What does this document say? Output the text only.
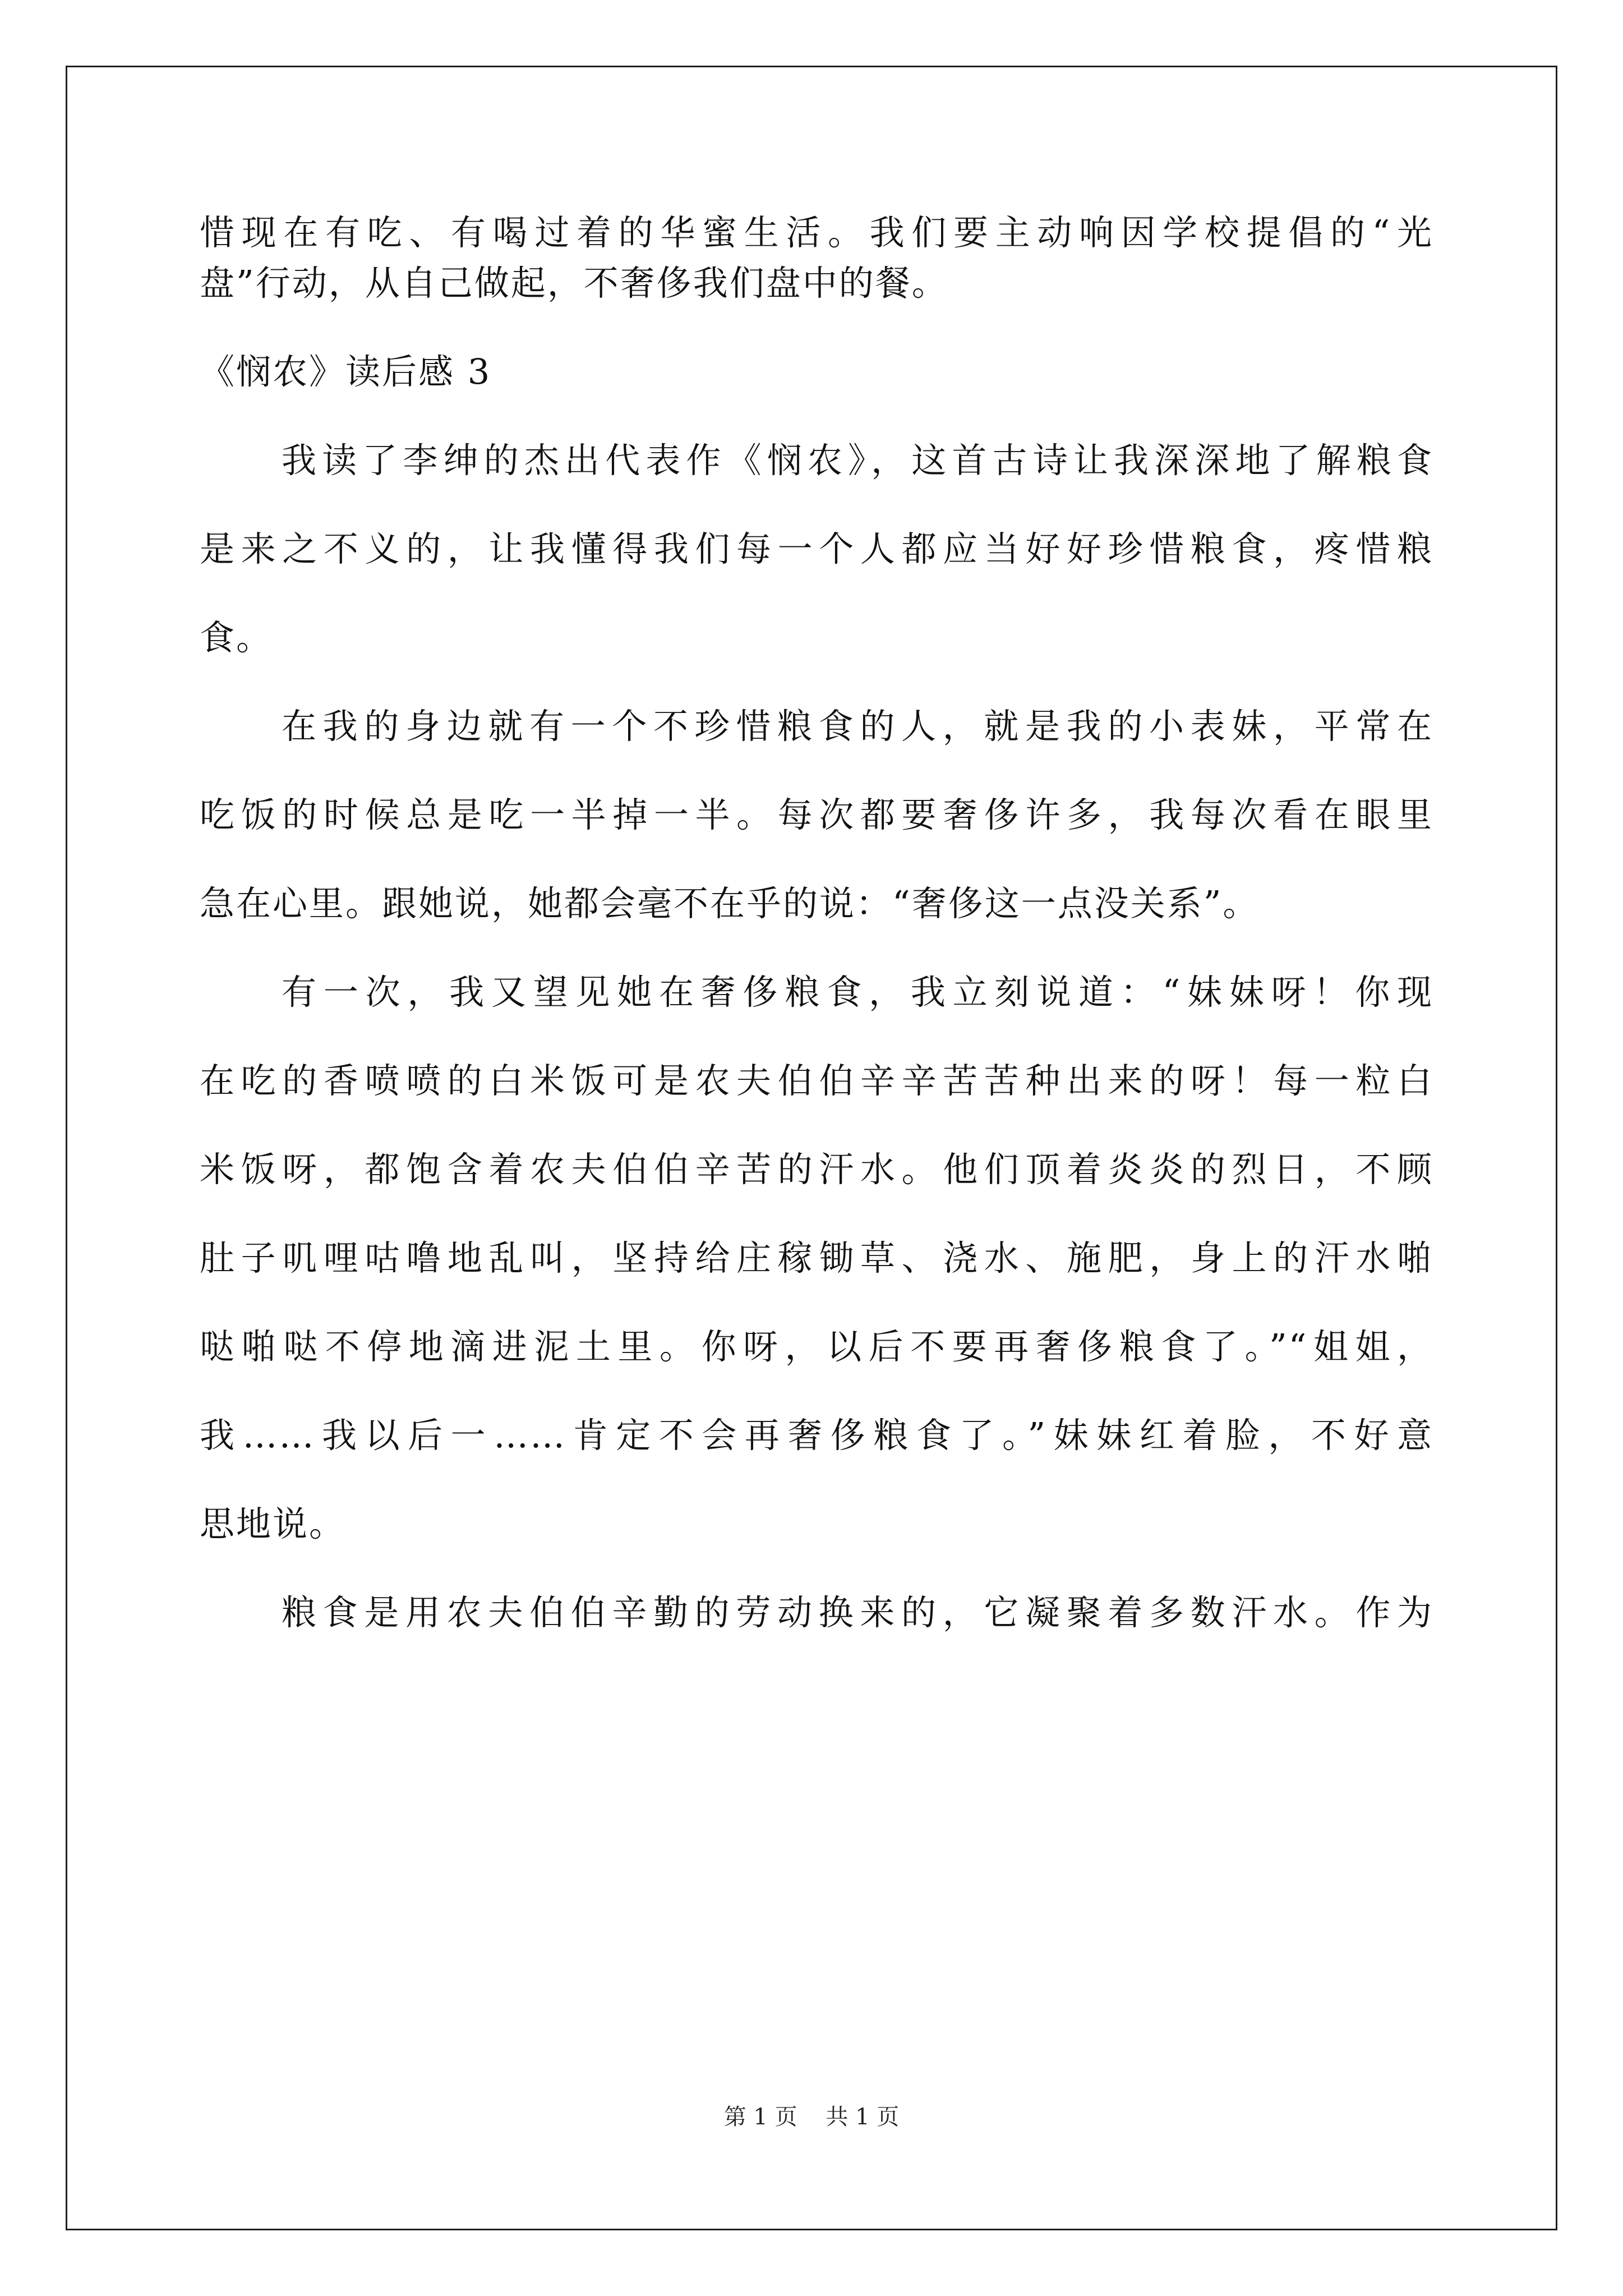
惜现在有吃、有喝过着的华蜜生活。我们要主动响因学校提倡的“光
盘”行动，从自己做起，不奢侈我们盘中的餐。
《悯农》读后感 3
我读了李绅的杰出代表作《悯农》，这首古诗让我深深地了解粮食
是来之不义的，让我懂得我们每一个人都应当好好珍惜粮食，疼惜粮
食。
在我的身边就有一个不珍惜粮食的人，就是我的小表妹，平常在
吃饭的时候总是吃一半掉一半。每次都要奢侈许多，我每次看在眼里
急在心里。跟她说，她都会毫不在乎的说：“奢侈这一点没关系”。
有一次，我又望见她在奢侈粮食，我立刻说道：“妹妹呀！你现
在吃的香喷喷的白米饭可是农夫伯伯辛辛苦苦种出来的呀！每一粒白
米饭呀，都饱含着农夫伯伯辛苦的汗水。他们顶着炎炎的烈日，不顾
肚子叽哩咕噜地乱叫，坚持给庄稼锄草、浇水、施肥，身上的汗水啪
哒啪哒不停地滴进泥土里。你呀，以后不要再奢侈粮食了。”“姐姐，
我……我以后一……肯定不会再奢侈粮食了。”妹妹红着脸，不好意
思地说。
粮食是用农夫伯伯辛勤的劳动换来的，它凝聚着多数汗水。作为
第 1 页    共 1 页
